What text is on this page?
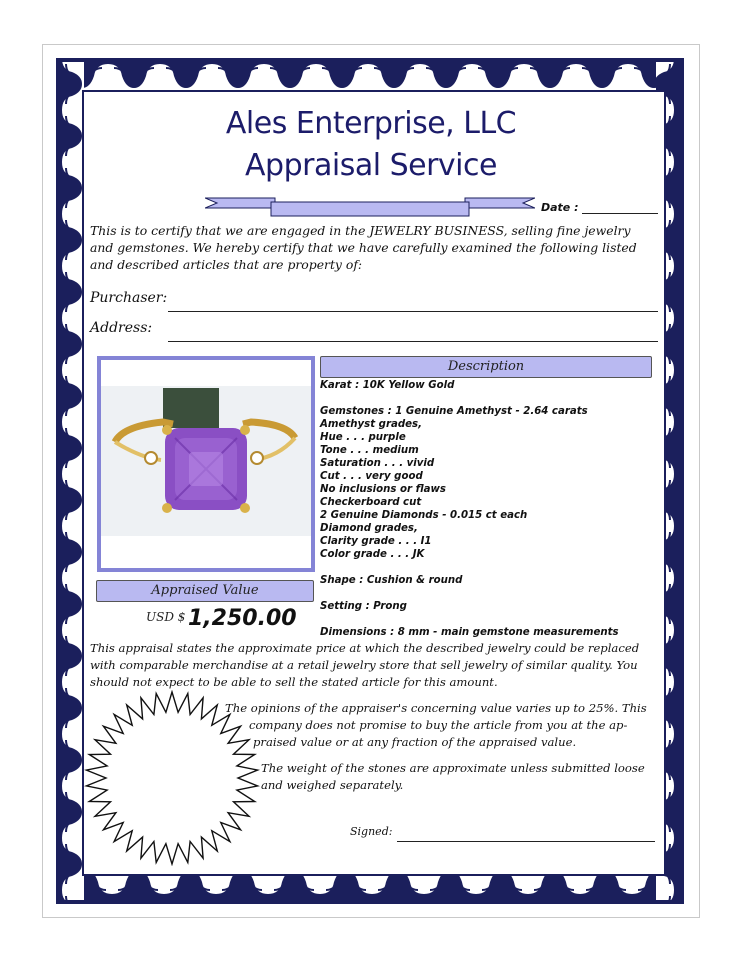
Ales Enterprise, LLC
Appraisal Service
Date :
This is to certify that we are engaged in the JEWELRY BUSINESS, selling fine jewelry
and gemstones. We hereby certify that we have carefully examined the following listed
and described articles that are property of:
Purchaser:
Address:
Description
Karat : 10K Yellow Gold
Gemstones : 1 Genuine Amethyst - 2.64 carats
Amethyst grades,
Hue . . . purple
Tone . . . medium
Saturation . . . vivid
Cut . . . very good
No inclusions or flaws
Checkerboard cut
2 Genuine Diamonds - 0.015 ct each
Diamond grades,
Clarity grade . . . I1
Color grade . . . JK
Shape : Cushion & round
Setting : Prong
Dimensions : 8 mm - main gemstone measurements
Appraised Value
USD $ 1,250.00
This appraisal states the approximate price at which the described jewelry could be replaced
with comparable merchandise at a retail jewelry store that sell jewelry of similar quality. You
should not expect to be able to sell the stated article for this amount.
The opinions of the appraiser's concerning value varies up to 25%. This
company does not promise to buy the article from you at the ap-
praised value or at any fraction of the appraised value.
The weight of the stones are approximate unless submitted loose
and weighed separately.
Signed:
